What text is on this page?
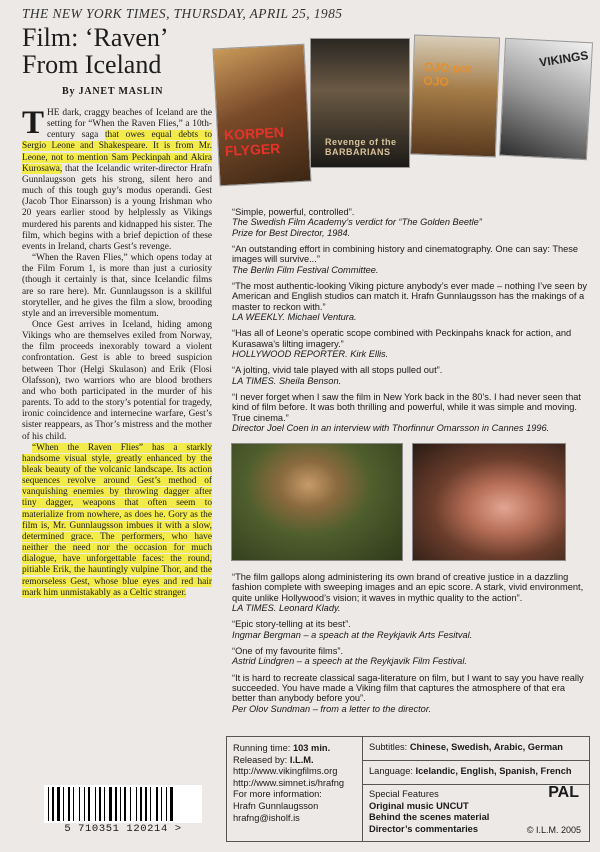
THE NEW YORK TIMES, THURSDAY, APRIL 25, 1985
Film: ‘Raven’ From Iceland
By JANET MASLIN

THE dark, craggy beaches of Iceland are the setting for “When the Raven Flies,” a 10th-century saga that owes equal debts to Sergio Leone and Shakespeare. It is from Mr. Leone, not to mention Sam Peckinpah and Akira Kurosawa, that the Icelandic writer-director Hrafn Gunnlaugsson gets his strong, silent hero and much of this tough guy’s modus operandi. Gest (Jacob Thor Einarsson) is a young Irishman who 20 years earlier stood by helplessly as Vikings murdered his parents and kidnapped his sister. The film, which begins with a brief depiction of these events in Ireland, charts Gest’s revenge.

“When the Raven Flies,” which opens today at the Film Forum 1, is more than just a curiosity (though it certainly is that, since Icelandic films are so rare here). Mr. Gunnlaugsson is a skillful storyteller, and he gives the film a slow, brooding style and an irreversible momentum.

Once Gest arrives in Iceland, hiding among Vikings who are themselves exiled from Norway, the film proceeds inexorably toward a violent confrontation. Gest is able to breed suspicion between Thor (Helgi Skulason) and Erik (Flosi Olafsson), two warriors who are blood brothers and who both participated in the murder of his parents. To add to the story’s potential for tragedy, ironic coincidence and internecine warfare, Gest’s sister reappears, as Thor’s mistress and the mother of his child.

“When the Raven Flies” has a starkly handsome visual style, greatly enhanced by the bleak beauty of the volcanic landscape. Its action sequences revolve around Gest’s method of vanquishing enemies by throwing dagger after tiny dagger, weapons that often seem to materialize from nowhere, as does he. Gory as the film is, Mr. Gunnlaugsson imbues it with a slow, determined grace. The performers, who have neither the need nor the occasion for much dialogue, have unforgettable faces: the round, pitiable Erik, the hauntingly vulpine Thor, and the remorseless Gest, whose blue eyes and red hair mark him unmistakably as a Celtic stranger.

KORPEN FLYGER	Revenge of the BARBARIANS
OJO por OJO
VIKINGS
“Simple, powerful, controlled”.
The Swedish Film Academy’s verdict for “The Golden Beetle”
Prize for Best Director, 1984.
“An outstanding effort in combining history and cinematography. One can say: These images will survive...”
The Berlin Film Festival Committee.
“The most authentic-looking Viking picture anybody’s ever made – nothing I’ve seen by American and English studios can match it. Hrafn Gunnlaugsson has the makings of a master to reckon with.”
LA WEEKLY. Michael Ventura.
“Has all of Leone’s operatic scope combined with Peckinpahs knack for action, and Kurasawa’s lilting imagery.”
HOLLYWOOD REPORTER. Kirk Ellis.
“A jolting, vivid tale played with all stops pulled out”.
LA TIMES. Sheila Benson.
“I never forget when I saw the film in New York back in the 80’s. I had never seen that kind of film before. It was both thrilling and powerful, while it was simple and moving. True cinema.”
Director Joel Coen in an interview with Thorfinnur Omarsson in Cannes 1996.
“The film gallops along administering its own brand of creative justice in a dazzling fashion complete with sweeping images and an epic score. A stark, vivid environment, quite unlike Hollywood’s vision; it waves in mythic quality to the action”.
LA TIMES. Leonard Klady.
“Epic story-telling at its best”.
Ingmar Bergman – a speach at the Reykjavik Arts Fesitval.
“One of my favourite films”.
Astrid Lindgren – a speech at the Reykjavik Film Festival.
“It is hard to recreate classical saga-literature on film, but I want to say you have really succeeded. You have made a Viking film that captures the atmosphere of that era better than anybody before you”.
Per Olov Sundman – from a letter to the director.
Running time: 103 min.
Released by: I.L.M.
http://www.vikingfilms.org
http://www.simnet.is/hrafng
For more information:
Hrafn Gunnlaugsson
hrafng@isholf.is
Subtitles: Chinese, Swedish, Arabic, German
Language: Icelandic, English, Spanish, French
Special Features
Original music UNCUT
Behind the scenes material
Director’s commentaries
PAL
© I.L.M. 2005
5 710351 120214 >
